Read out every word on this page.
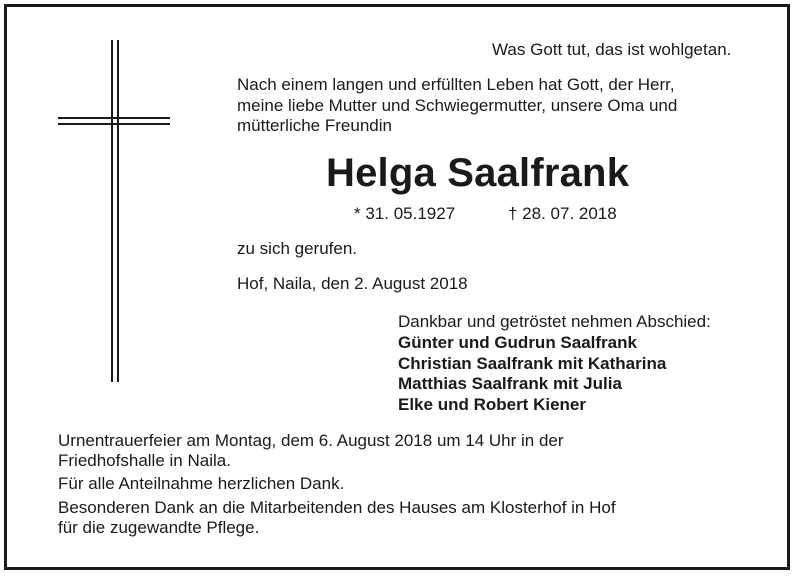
Was Gott tut, das ist wohlgetan.
Nach einem langen und erfüllten Leben hat Gott, der Herr,
meine liebe Mutter und Schwiegermutter, unsere Oma und
mütterliche Freundin
Helga Saalfrank
* 31. 05.1927	† 28. 07. 2018
zu sich gerufen.
Hof, Naila, den 2. August 2018
Dankbar und getröstet nehmen Abschied:
Günter und Gudrun Saalfrank
Christian Saalfrank mit Katharina
Matthias Saalfrank mit Julia
Elke und Robert Kiener
Urnentrauerfeier am Montag, dem 6. August 2018 um 14 Uhr in der
Friedhofshalle in Naila.
Für alle Anteilnahme herzlichen Dank.
Besonderen Dank an die Mitarbeitenden des Hauses am Klosterhof in Hof
für die zugewandte Pflege.
